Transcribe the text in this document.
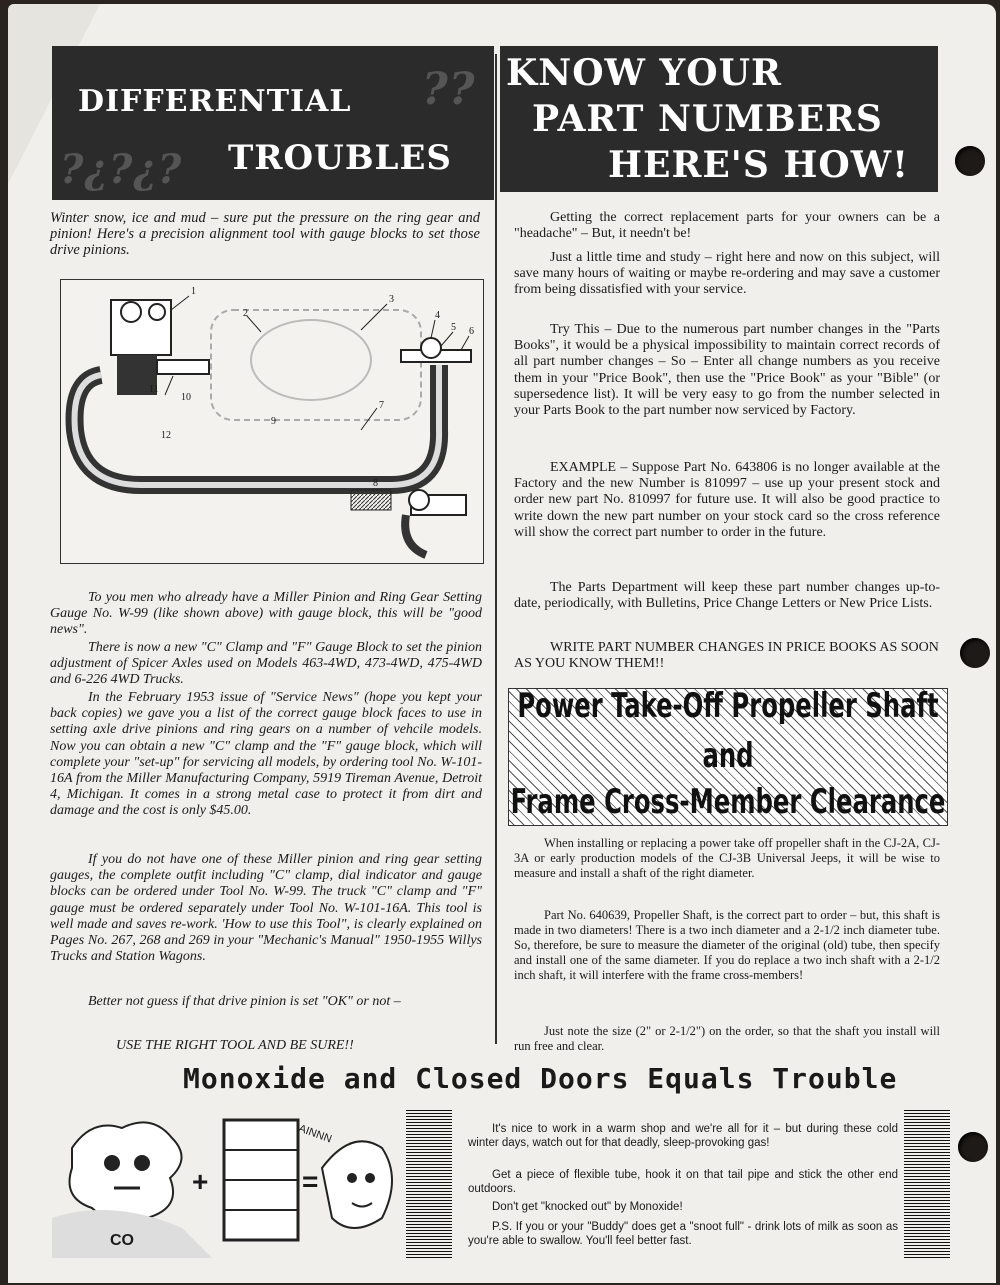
DIFFERENTIAL
?¿?¿?
??
TROUBLES
KNOW YOUR
PART NUMBERS
HERE'S HOW!

Winter snow, ice and mud – sure put the pressure on the ring gear and pinion! Here's a precision alignment tool with gauge blocks to set those drive pinions.

1
2
3
4
5 6
7
8
9
10
11
12

To you men who already have a Miller Pinion and Ring Gear Setting Gauge No. W-99 (like shown above) with gauge block, this will be "good news".

There is now a new "C" Clamp and "F" Gauge Block to set the pinion adjustment of Spicer Axles used on Models 463-4WD, 473-4WD, 475-4WD and 6-226 4WD Trucks.

In the February 1953 issue of "Service News" (hope you kept your back copies) we gave you a list of the correct gauge block faces to use in setting axle drive pinions and ring gears on a number of vehcile models. Now you can obtain a new "C" clamp and the "F" gauge block, which will complete your "set-up" for servicing all models, by ordering tool No. W-101-16A from the Miller Manufacturing Company, 5919 Tireman Avenue, Detroit 4, Michigan. It comes in a strong metal case to protect it from dirt and damage and the cost is only $45.00.

If you do not have one of these Miller pinion and ring gear setting gauges, the complete outfit including "C" clamp, dial indicator and gauge blocks can be ordered under Tool No. W-99. The truck "C" clamp and "F" gauge must be ordered separately under Tool No. W-101-16A. This tool is well made and saves re-work. 'How to use this Tool", is clearly explained on Pages No. 267, 268 and 269 in your "Mechanic's Manual" 1950-1955 Willys Trucks and Station Wagons.

Better not guess if that drive pinion is set "OK" or not –

USE THE RIGHT TOOL AND BE SURE!!

Getting the correct replacement parts for your owners can be a "headache" – But, it needn't be!

Just a little time and study – right here and now on this subject, will save many hours of waiting or maybe re-ordering and may save a customer from being dissatisfied with your service.

Try This – Due to the numerous part number changes in the "Parts Books", it would be a physical impossibility to maintain correct records of all part number changes – So – Enter all change numbers as you receive them in your "Price Book", then use the "Price Book" as your "Bible" (or supersedence list). It will be very easy to go from the number selected in your Parts Book to the part number now serviced by Factory.

EXAMPLE – Suppose Part No. 643806 is no longer available at the Factory and the new Number is 810997 – use up your present stock and order new part No. 810997 for future use. It will also be good practice to write down the new part number on your stock card so the cross reference will show the correct part number to order in the future.

The Parts Department will keep these part number changes up-to-date, periodically, with Bulletins, Price Change Letters or New Price Lists.

WRITE PART NUMBER CHANGES IN PRICE BOOKS AS SOON AS YOU KNOW THEM!!

Power Take-Off Propeller Shaft
and
Frame Cross-Member Clearance

When installing or replacing a power take off propeller shaft in the CJ-2A, CJ-3A or early production models of the CJ-3B Universal Jeeps, it will be wise to measure and install a shaft of the right diameter.

Part No. 640639, Propeller Shaft, is the correct part to order – but, this shaft is made in two diameters! There is a two inch diameter and a 2-1/2 inch diameter tube. So, therefore, be sure to measure the diameter of the original (old) tube, then specify and install one of the same diameter. If you do replace a two inch shaft with a 2-1/2 inch shaft, it will interfere with the frame cross-members!

Just note the size (2" or 2-1/2") on the order, so that the shaft you install will run free and clear.

Monoxide and Closed Doors Equals Trouble
CO
+	=
AINNN	It's nice to work in a warm shop and we're all for it – but during these cold winter days, watch out for that deadly, sleep-provoking gas!

Get a piece of flexible tube, hook it on that tail pipe and stick the other end outdoors.

Don't get "knocked out" by Monoxide!

P.S. If you or your "Buddy" does get a "snoot full" - drink lots of milk as soon as you're able to swallow. You'll feel better fast.
